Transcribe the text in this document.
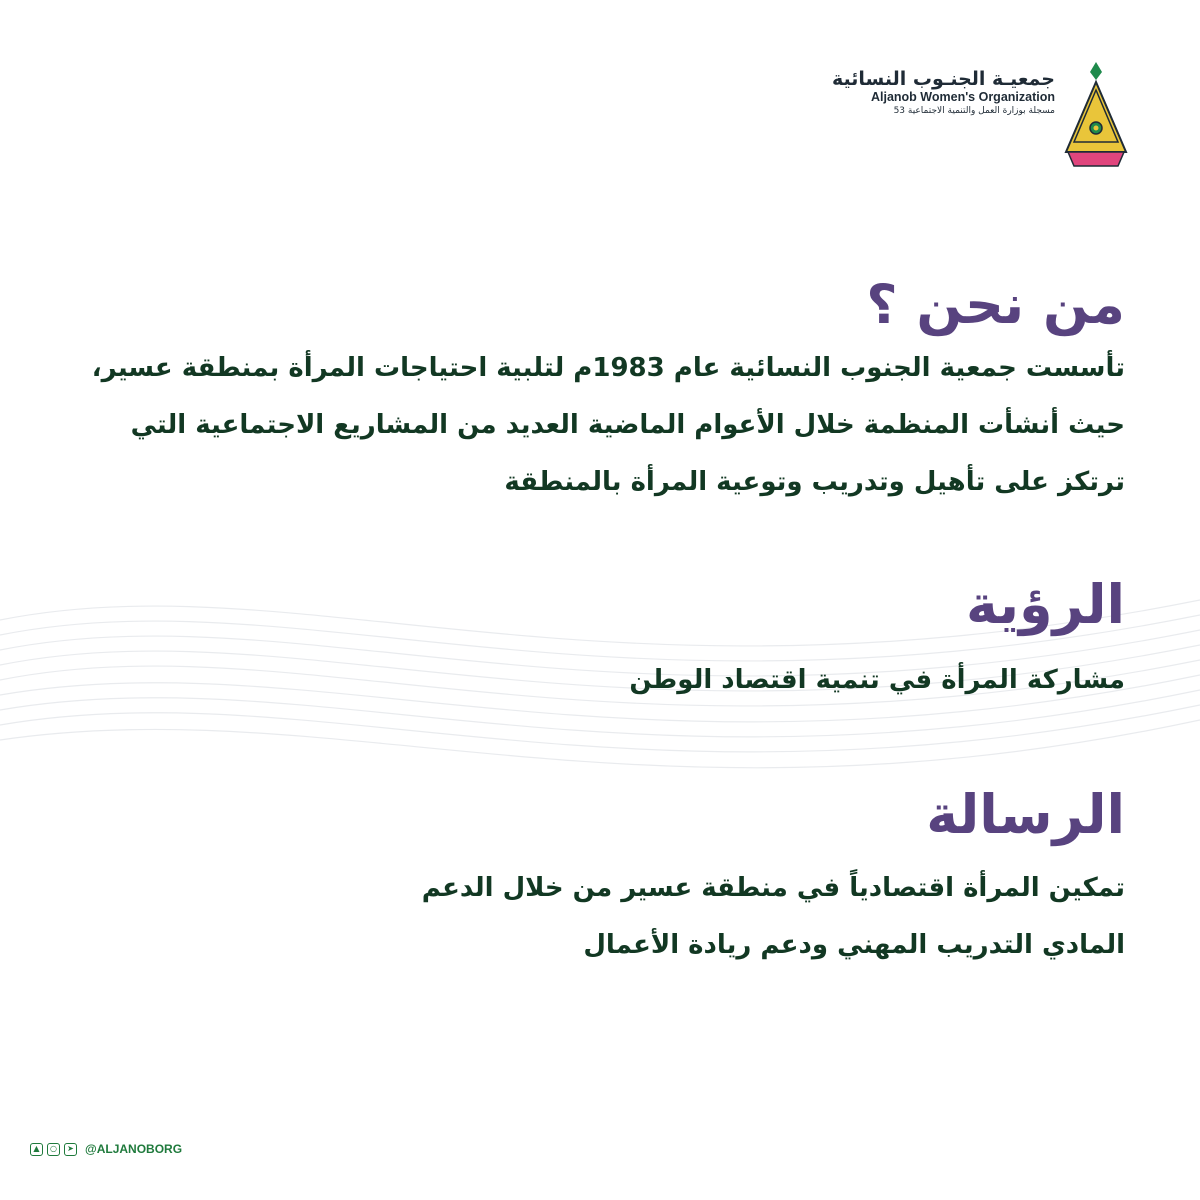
جمعيـة الجنـوب النسائية
Aljanob Women's Organization
مسجلة بوزارة العمل والتنمية الاجتماعية 53
من نحن ؟

تأسست جمعية الجنوب النسائية عام 1983م لتلبية احتياجات المرأة بمنطقة عسير،

حيث أنشأت المنظمة خلال الأعوام الماضية العديد من المشاريع الاجتماعية التي

ترتكز على تأهيل وتدريب وتوعية المرأة بالمنطقة

الرؤية

مشاركة المرأة في تنمية اقتصاد الوطن

الرسالة

تمكين المرأة اقتصادياً في منطقة عسير من خلال الدعم

المادي التدريب المهني ودعم ريادة الأعمال

▲	○	➤ @ALJANOBORG
